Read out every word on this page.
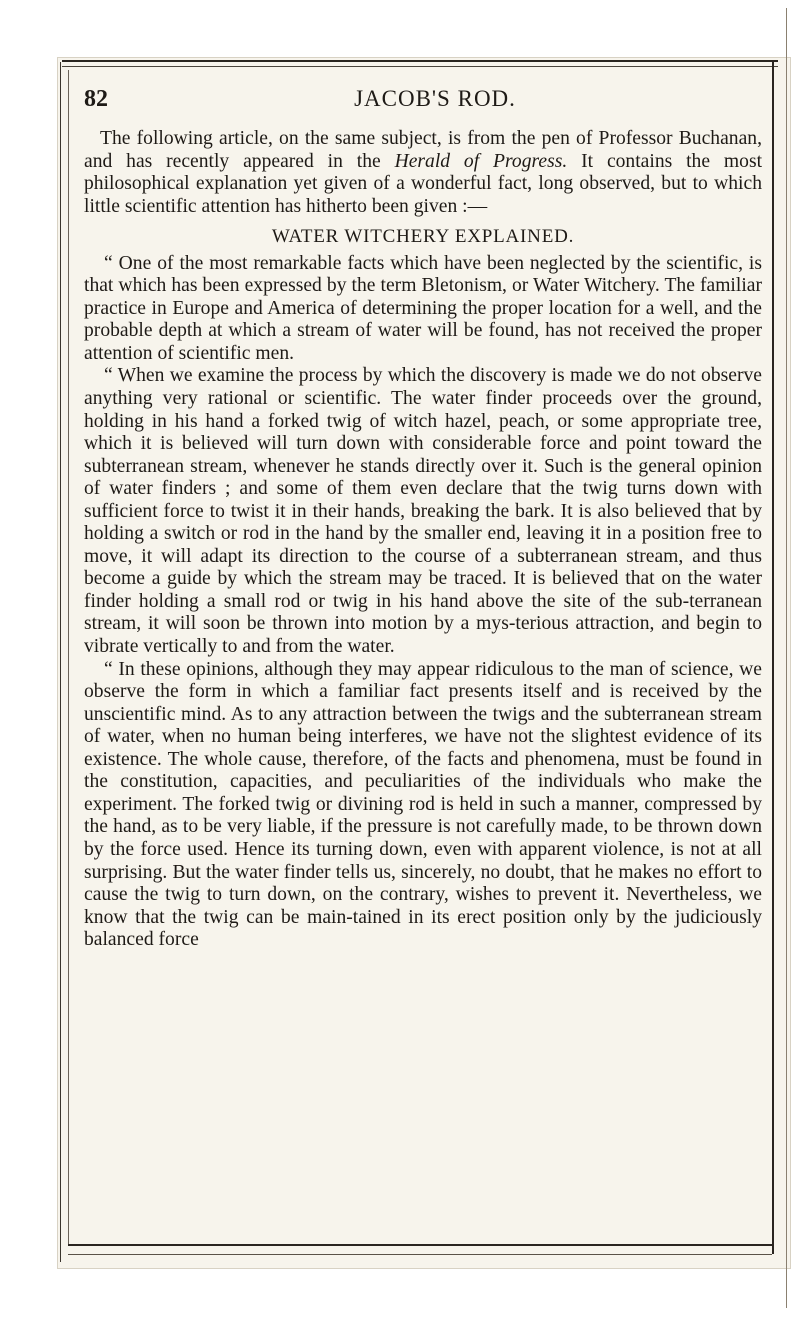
82	JACOB'S ROD.

The following article, on the same subject, is from the pen of Professor Buchanan, and has recently appeared in the Herald of Progress. It contains the most philosophical explanation yet given of a wonderful fact, long observed, but to which little scientific attention has hitherto been given :—

WATER WITCHERY EXPLAINED.

“ One of the most remarkable facts which have been neglected by the scientific, is that which has been expressed by the term Bletonism, or Water Witchery. The familiar practice in Europe and America of determining the proper location for a well, and the probable depth at which a stream of water will be found, has not received the proper attention of scientific men.

“ When we examine the process by which the discovery is made we do not observe anything very rational or scientific. The water finder proceeds over the ground, holding in his hand a forked twig of witch hazel, peach, or some appropriate tree, which it is believed will turn down with considerable force and point toward the subterranean stream, whenever he stands directly over it. Such is the general opinion of water finders ; and some of them even declare that the twig turns down with sufficient force to twist it in their hands, breaking the bark. It is also believed that by holding a switch or rod in the hand by the smaller end, leaving it in a position free to move, it will adapt its direction to the course of a subterranean stream, and thus become a guide by which the stream may be traced. It is believed that on the water finder holding a small rod or twig in his hand above the site of the sub-terranean stream, it will soon be thrown into motion by a mys-terious attraction, and begin to vibrate vertically to and from the water.

“ In these opinions, although they may appear ridiculous to the man of science, we observe the form in which a familiar fact presents itself and is received by the unscientific mind. As to any attraction between the twigs and the subterranean stream of water, when no human being interferes, we have not the slightest evidence of its existence. The whole cause, therefore, of the facts and phenomena, must be found in the constitution, capacities, and peculiarities of the individuals who make the experiment. The forked twig or divining rod is held in such a manner, compressed by the hand, as to be very liable, if the pressure is not carefully made, to be thrown down by the force used. Hence its turning down, even with apparent violence, is not at all surprising. But the water finder tells us, sincerely, no doubt, that he makes no effort to cause the twig to turn down, on the contrary, wishes to prevent it. Nevertheless, we know that the twig can be main-tained in its erect position only by the judiciously balanced force
